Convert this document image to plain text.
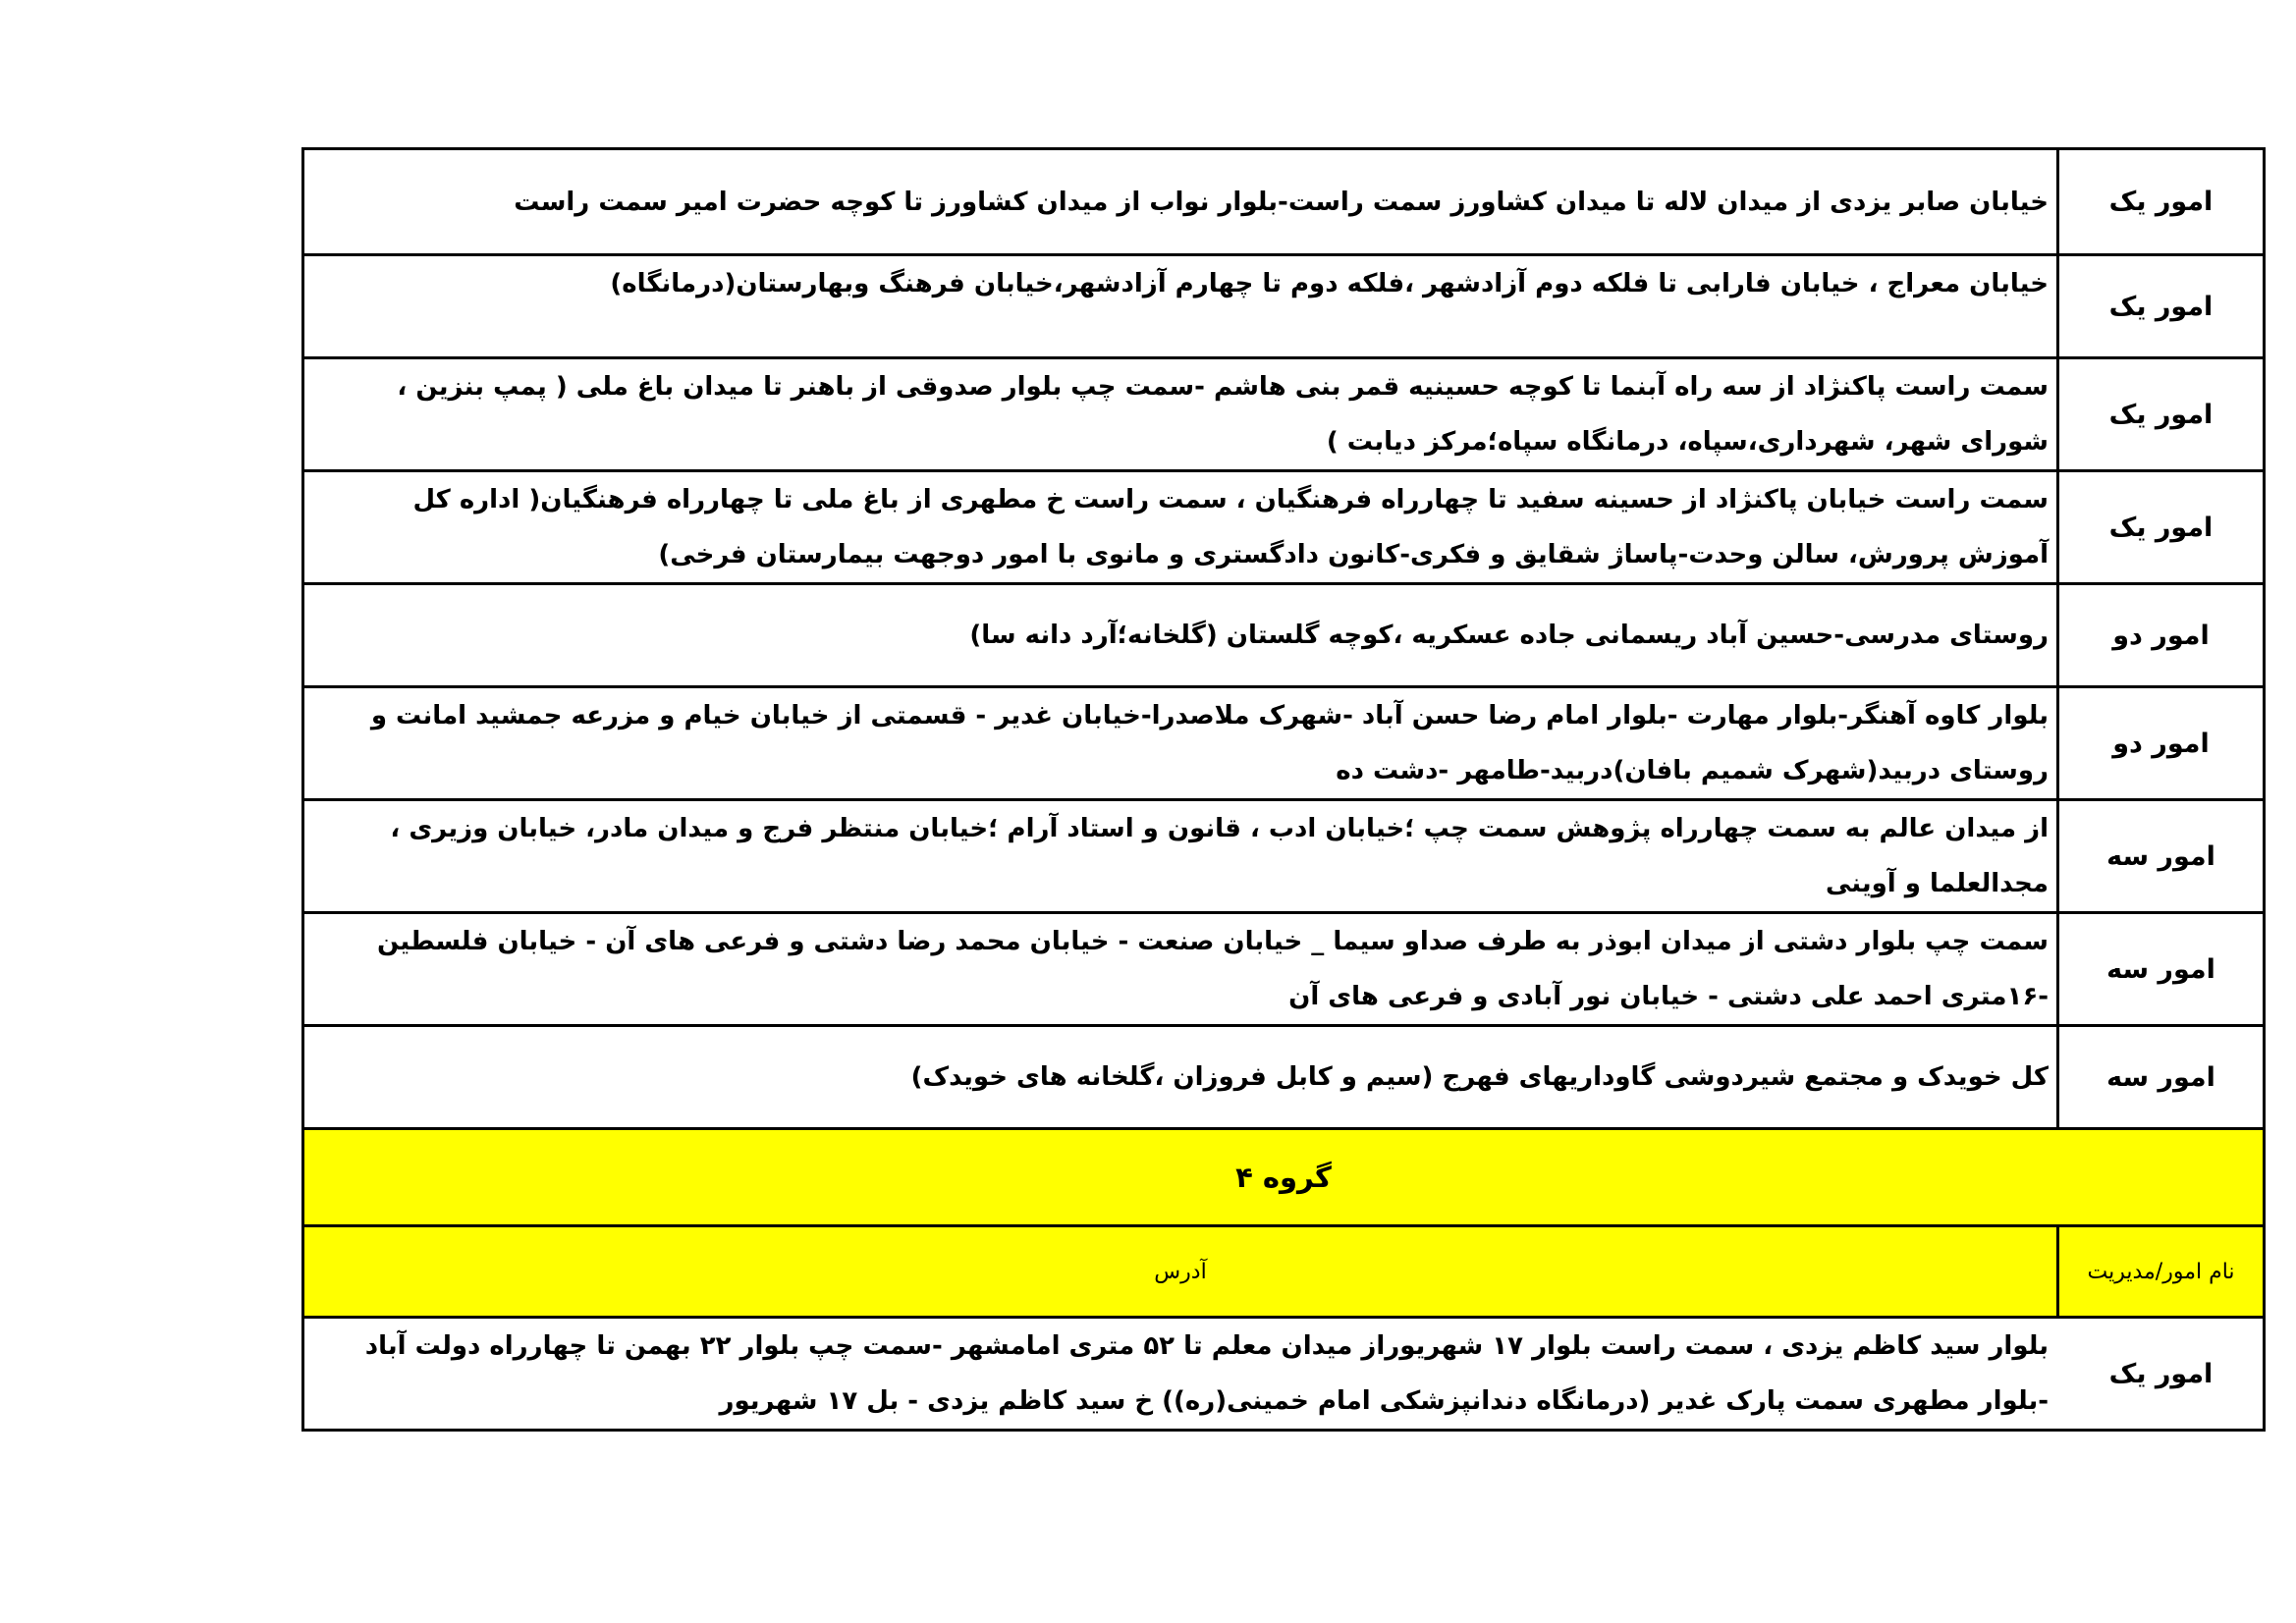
امور یک	خیابان صابر یزدی از میدان لاله تا میدان کشاورز سمت راست-بلوار نواب از میدان کشاورز تا کوچه حضرت امیر سمت راست
امور یک	خیابان معراج ، خیابان فارابی تا فلکه دوم آزادشهر ،فلکه دوم تا چهارم آزادشهر،خیابان فرهنگ وبهارستان(درمانگاه)
امور یک	سمت راست پاکنژاد از سه راه آبنما تا کوچه حسینیه قمر بنی هاشم -سمت چپ بلوار صدوقی از باهنر تا میدان باغ ملی ( پمپ بنزین ، شورای شهر، شهرداری،سپاه، درمانگاه سپاه؛مرکز دیابت )
امور یک	سمت راست خیابان پاکنژاد از حسینه سفید تا چهارراه فرهنگیان ، سمت راست خ مطهری از باغ ملی تا چهارراه فرهنگیان( اداره کل آموزش پرورش، سالن وحدت-پاساژ شقایق و فکری-کانون دادگستری و مانوی با امور دوجهت بیمارستان فرخی)
امور دو	روستای مدرسی-حسین آباد ریسمانی جاده عسکریه ،کوچه گلستان (گلخانه؛آرد دانه سا)
امور دو	بلوار کاوه آهنگر-بلوار مهارت -بلوار امام رضا حسن آباد -شهرک ملاصدرا-خیابان غدیر - قسمتی از خیابان خیام و مزرعه جمشید امانت و روستای دربید(شهرک شمیم بافان)دربید-طامهر -دشت ده
امور سه	از میدان عالم به سمت چهارراه پژوهش سمت چپ ؛خیابان ادب ، قانون و استاد آرام ؛خیابان منتظر فرج و میدان مادر، خیابان وزیری ، مجدالعلما و آوینی
امور سه	سمت چپ بلوار دشتی از میدان ابوذر به طرف صداو سیما _ خیابان صنعت - خیابان محمد رضا دشتی و فرعی های آن - خیابان فلسطین -۱۶متری احمد علی دشتی - خیابان نور آبادی و فرعی های آن
امور سه	کل خویدک و مجتمع شیردوشی گاوداریهای فهرج (سیم و کابل فروزان ،گلخانه های خویدک)
گروه ۴	
نام امور/مدیریت	آدرس
امور یک	بلوار سید کاظم یزدی ، سمت راست بلوار ۱۷ شهریوراز میدان معلم تا ۵۲ متری امامشهر -سمت چپ بلوار ۲۲ بهمن تا چهارراه دولت آباد -بلوار مطهری سمت پارک غدیر (درمانگاه دندانپزشکی امام خمینی(ره)) خ سید کاظم یزدی - بل ۱۷ شهریور
